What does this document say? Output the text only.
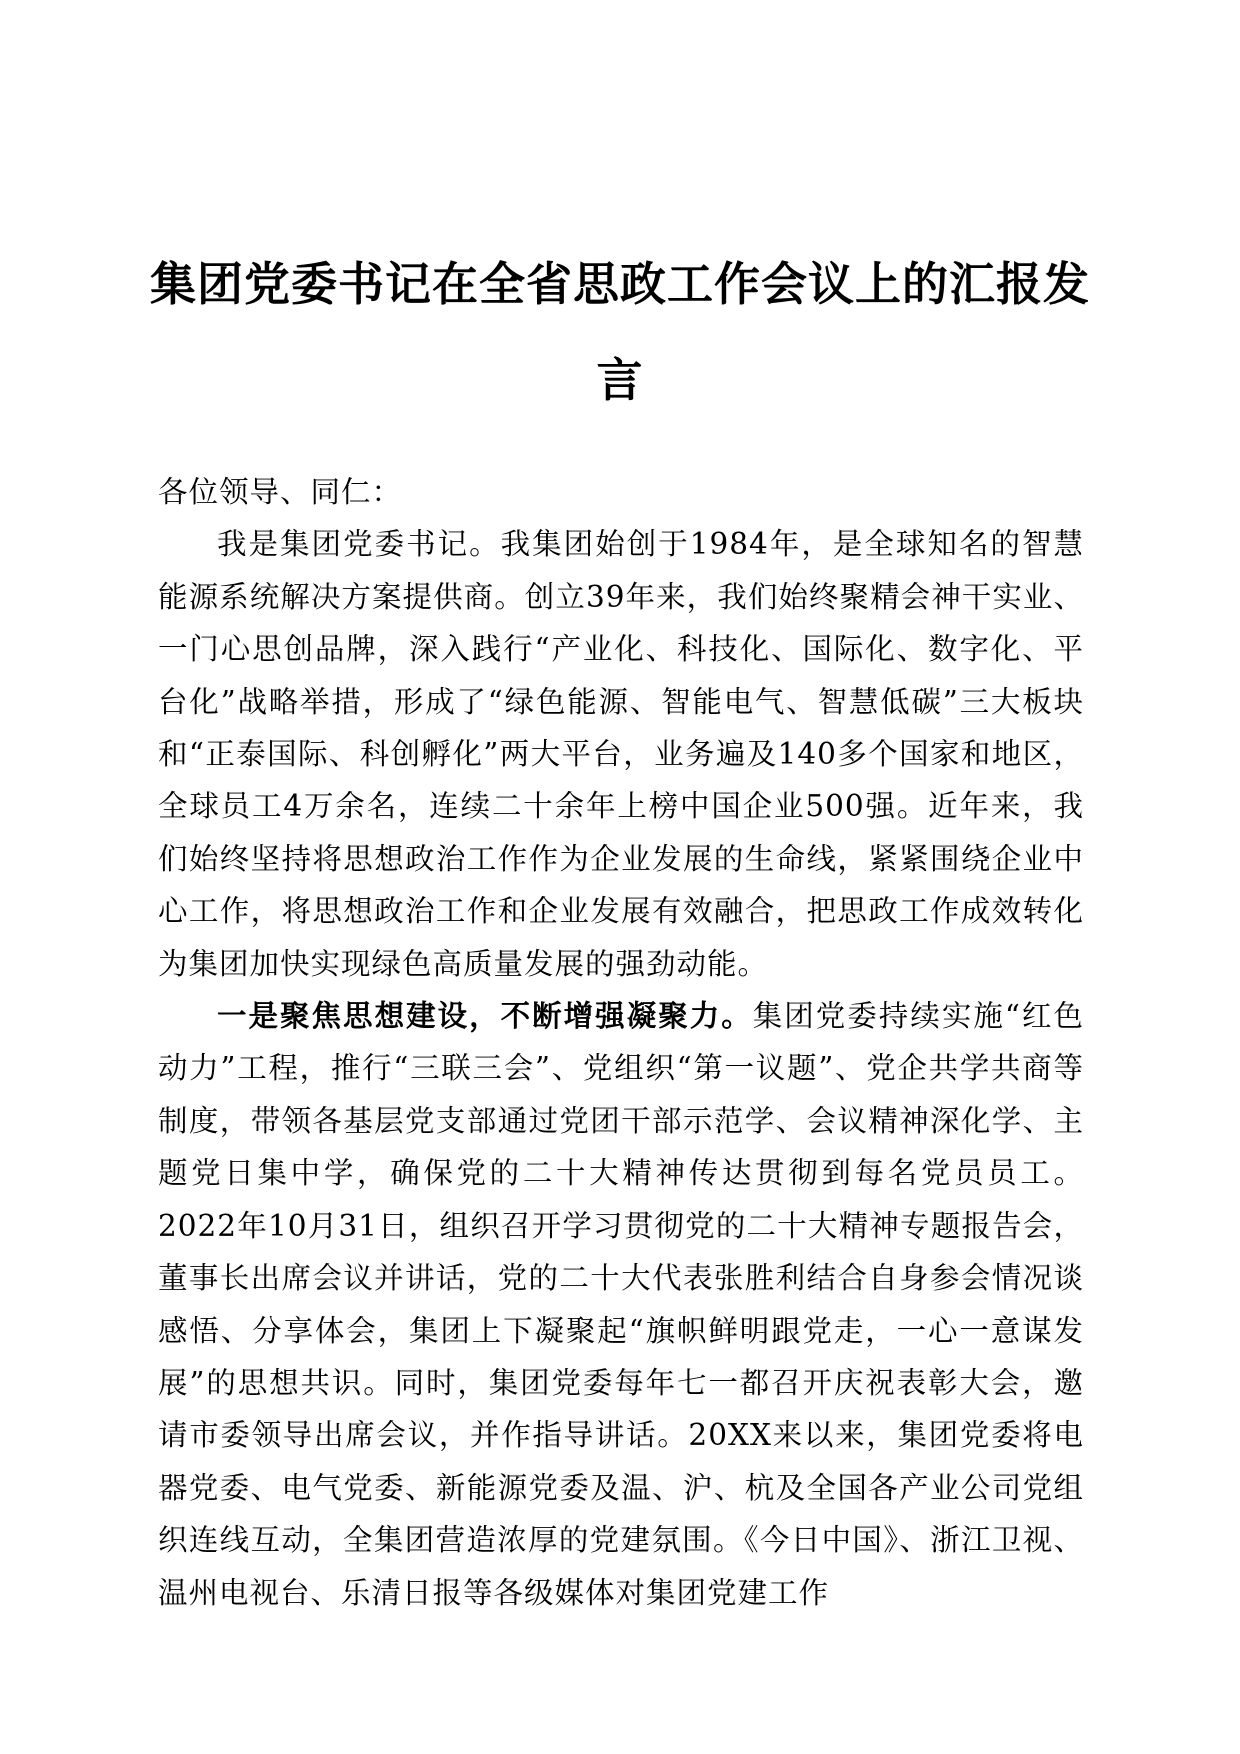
集团党委书记在全省思政工作会议上的汇报发言

各位领导、同仁：

我是集团党委书记。我集团始创于1984年，是全球知名的智慧能源系统解决方案提供商。创立39年来，我们始终聚精会神干实业、一门心思创品牌，深入践行“产业化、科技化、国际化、数字化、平台化”战略举措，形成了“绿色能源、智能电气、智慧低碳”三大板块和“正泰国际、科创孵化”两大平台，业务遍及140多个国家和地区，全球员工4万余名，连续二十余年上榜中国企业500强。近年来，我们始终坚持将思想政治工作作为企业发展的生命线，紧紧围绕企业中心工作，将思想政治工作和企业发展有效融合，把思政工作成效转化为集团加快实现绿色高质量发展的强劲动能。

一是聚焦思想建设，不断增强凝聚力。集团党委持续实施“红色动力”工程，推行“三联三会”、党组织“第一议题”、党企共学共商等制度，带领各基层党支部通过党团干部示范学、会议精神深化学、主题党日集中学，确保党的二十大精神传达贯彻到每名党员员工。2022年10月31日，组织召开学习贯彻党的二十大精神专题报告会，董事长出席会议并讲话，党的二十大代表张胜利结合自身参会情况谈感悟、分享体会，集团上下凝聚起“旗帜鲜明跟党走，一心一意谋发展”的思想共识。同时，集团党委每年七一都召开庆祝表彰大会，邀请市委领导出席会议，并作指导讲话。20XX来以来，集团党委将电器党委、电气党委、新能源党委及温、沪、杭及全国各产业公司党组织连线互动，全集团营造浓厚的党建氛围。《今日中国》、浙江卫视、温州电视台、乐清日报等各级媒体对集团党建工作
